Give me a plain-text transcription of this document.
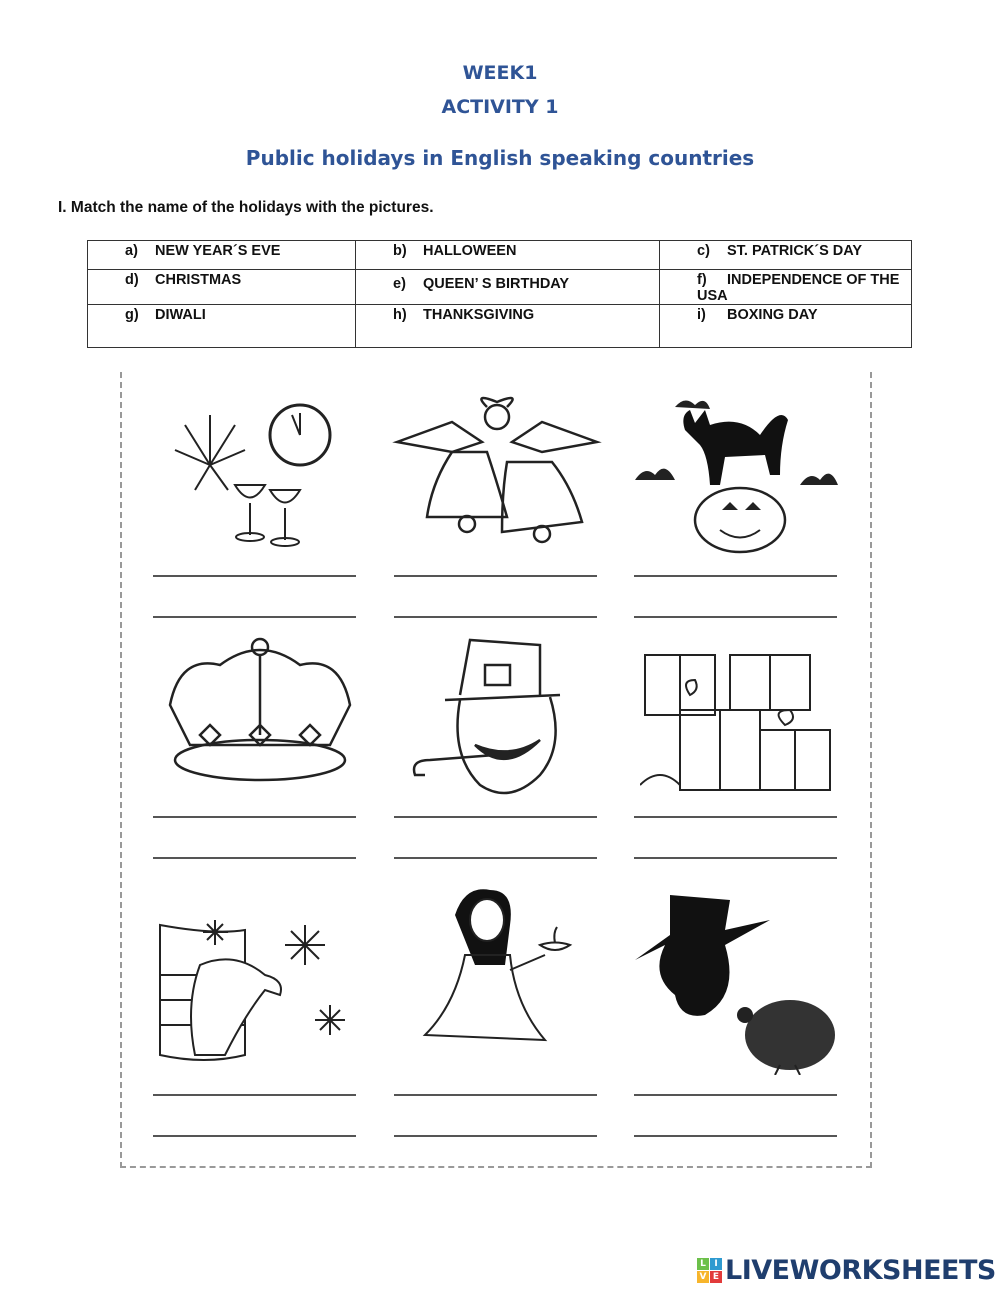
WEEK1
ACTIVITY 1
Public holidays in English speaking countries
I. Match the name of the holidays with the pictures.
a) NEW YEAR´S EVE	b) HALLOWEEN	c) ST. PATRICK´S DAY
d) CHRISTMAS	e) QUEEN’ S BIRTHDAY	f) INDEPENDENCE OF THE USA
g) DIWALI	h) THANKSGIVING	i) BOXING DAY
L I
V E LIVEWORKSHEETS
